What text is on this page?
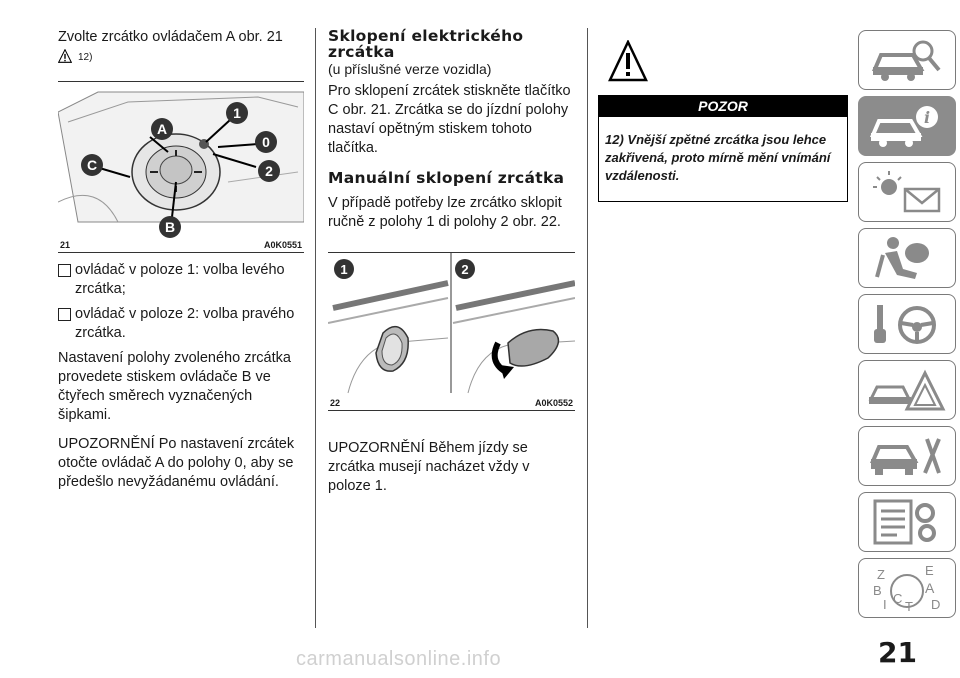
Zvolte zrcátko ovládačem A obr. 21

12)
A
1
0
C	2
B
21	A0K0551
ovládač v poloze 1: volba levého zrcátka;
ovládač v poloze 2: volba pravého zrcátka.

Nastavení polohy zvoleného zrcátka provedete stiskem ovládače B ve čtyřech směrech vyznačených šipkami.

UPOZORNĚNÍ Po nastavení zrcátek otočte ovládač A do polohy 0, aby se předešlo nevyžádanému ovládání.

Sklopení elektrického zrcátka

(u příslušné verze vozidla)

Pro sklopení zrcátek stiskněte tlačítko C obr. 21. Zrcátka se do jízdní polohy nastaví opětným stiskem tohoto tlačítka.

Manuální sklopení zrcátka

V případě potřeby lze zrcátko sklopit ručně z polohy 1 di polohy 2 obr. 22.

1	2
22	A0K0552

UPOZORNĚNÍ Během jízdy se zrcátka musejí nacházet vždy v poloze 1.

POZOR
12) Vnější zpětné zrcátka jsou lehce zakřivená, proto mírně mění vnímání vzdálenosti.
i
Z	E
B	A
I C
T D
21
carmanualsonline.info
